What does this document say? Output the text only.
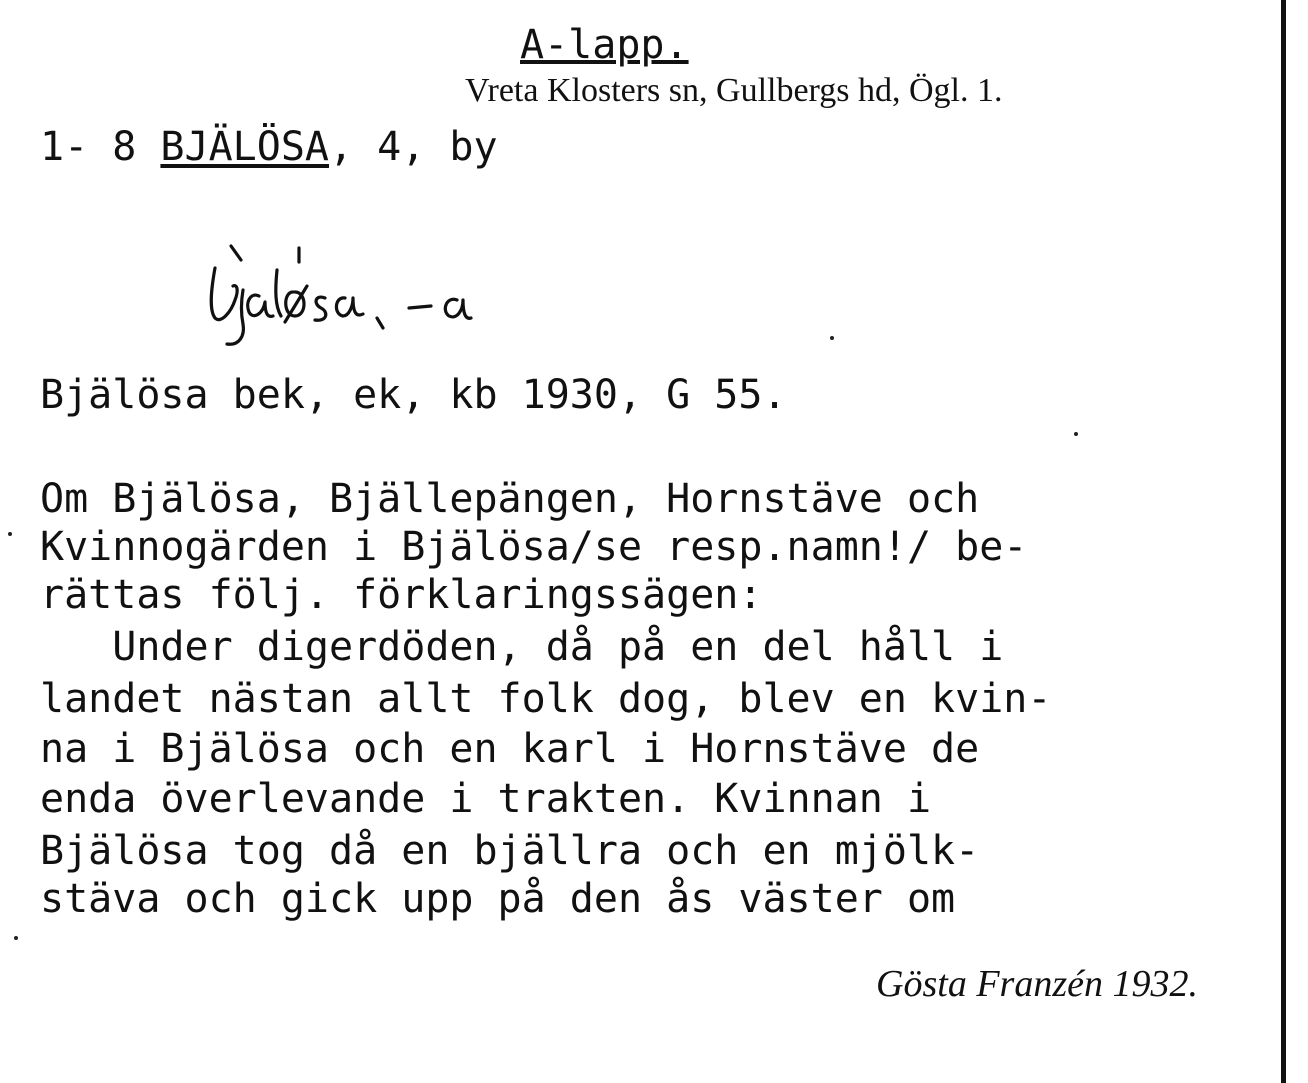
A-lapp.
Vreta Klosters sn, Gullbergs hd, Ögl. 1.
1- 8 BJÄLÖSA, 4, by
Bjälösa bek, ek, kb 1930, G 55.
Om Bjälösa, Bjälleрängen, Hornstäve och
Kvinnogärden i Bjälösa/se resp.namn!/ be-
rättas följ. förklaringssägen:
Under digerdöden, då på en del håll i
landet nästan allt folk dog, blev en kvin-
na i Bjälösa och en karl i Hornstäve de
enda överlevande i trakten. Kvinnan i
Bjälösa tog då en bjällra och en mjölk-
stäva och gick upp på den ås väster om
Gösta Franzén 1932.
